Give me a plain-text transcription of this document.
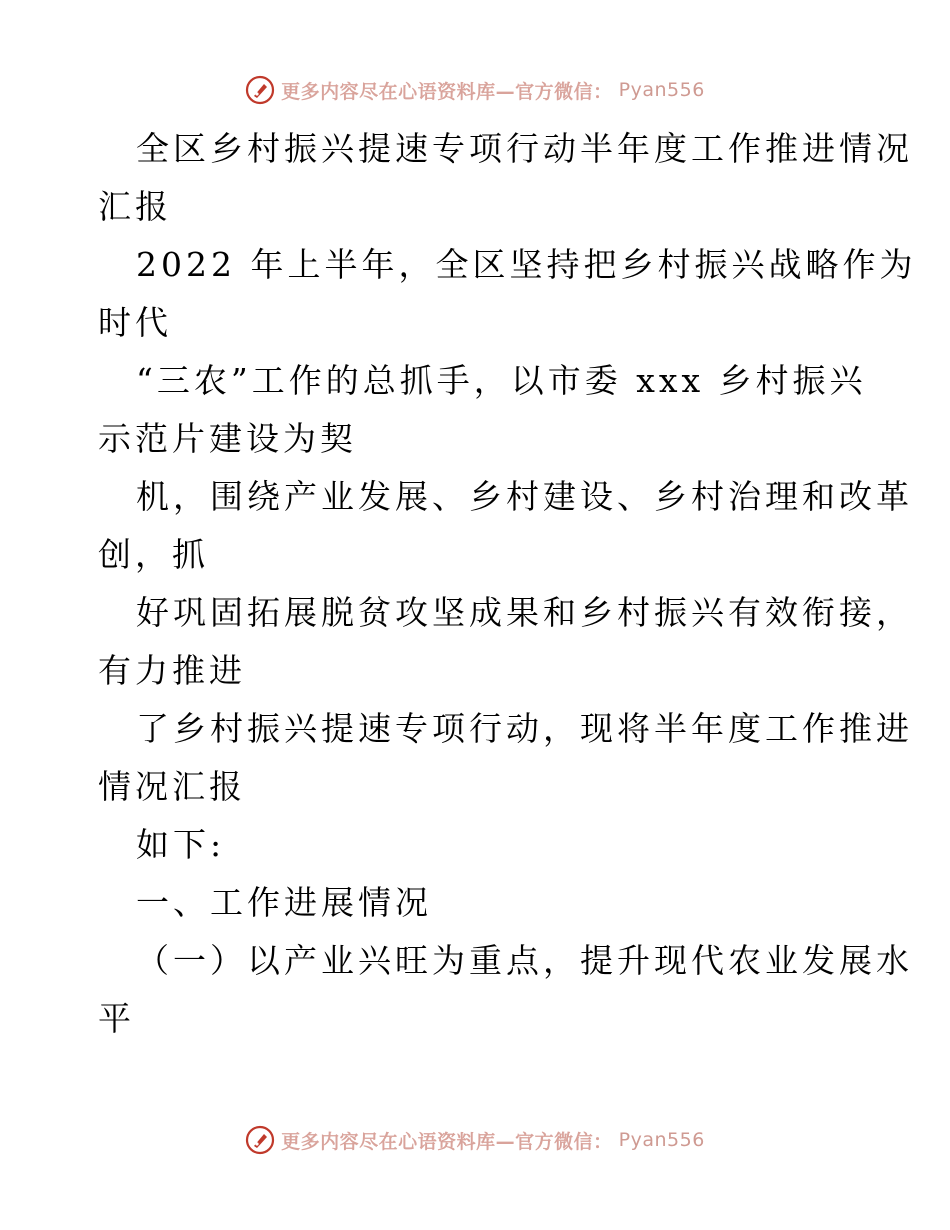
更多内容尽在心语资料库—官方微信： Pyan556
全区乡村振兴提速专项行动半年度工作推进情况
汇报
2022 年上半年，全区坚持把乡村振兴战略作为
时代
“三农”工作的总抓手，以市委 xxx 乡村振兴
示范片建设为契
机，围绕产业发展、乡村建设、乡村治理和改革
创，抓
好巩固拓展脱贫攻坚成果和乡村振兴有效衔接，
有力推进
了乡村振兴提速专项行动，现将半年度工作推进
情况汇报
如下:
一、工作进展情况
（一）以产业兴旺为重点，提升现代农业发展水
平
更多内容尽在心语资料库—官方微信： Pyan556
